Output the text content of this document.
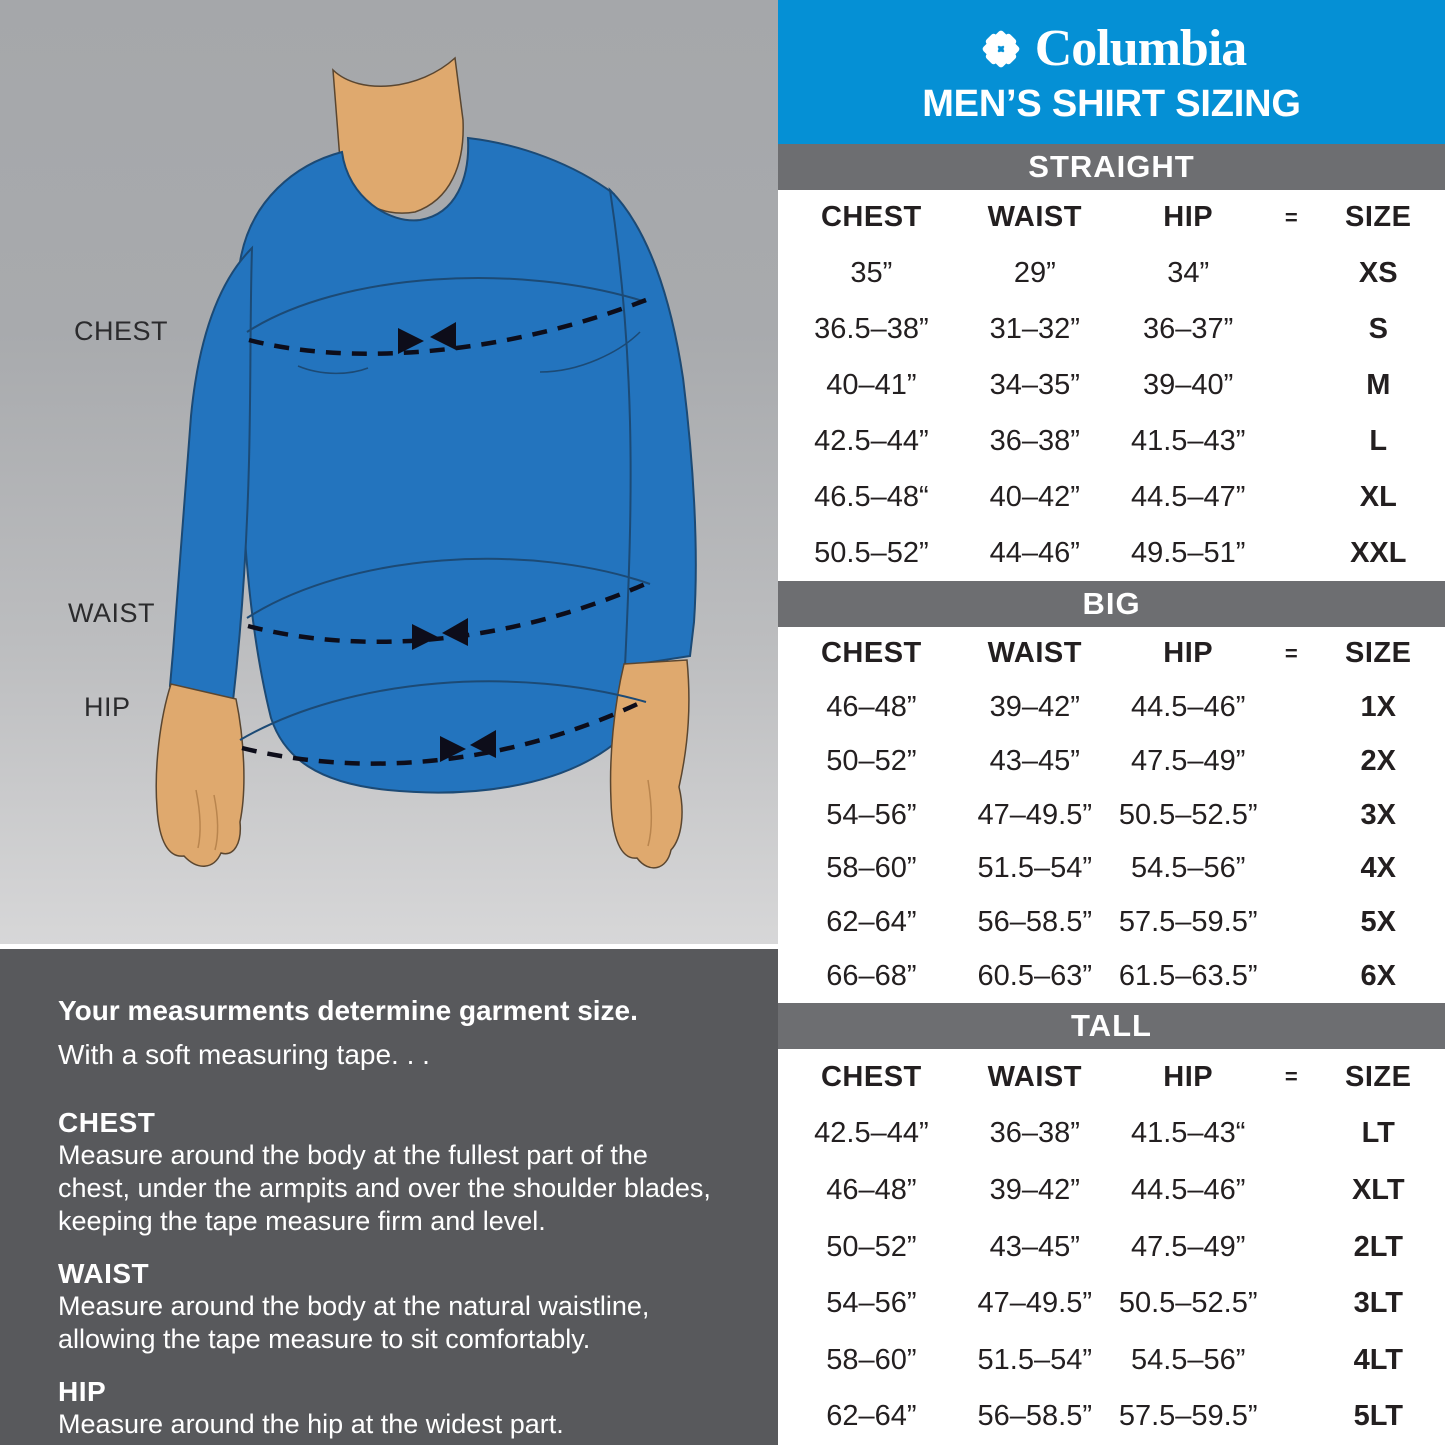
CHEST
WAIST
HIP
Your measurments determine garment size.

With a soft measuring tape. . .

CHEST

Measure around the body at the fullest part of the chest, under the armpits and over the shoulder blades, keeping the tape measure firm and level.

WAIST

Measure around the body at the natural waistline, allowing the tape measure to sit comfortably.

HIP

Measure around the hip at the widest part.

Columbia
MEN’S SHIRT SIZING
STRAIGHT
CHEST	WAIST	HIP	=	SIZE
35”	29”	34”	XS
36.5–38”	31–32”	36–37”	S
40–41”	34–35”	39–40”	M
42.5–44”	36–38”	41.5–43”	L
46.5–48“	40–42”	44.5–47”	XL
50.5–52”	44–46”	49.5–51”	XXL
BIG
CHEST	WAIST	HIP	=	SIZE
46–48”	39–42”	44.5–46”	1X
50–52”	43–45”	47.5–49”	2X
54–56”	47–49.5” 50.5–52.5”	3X
58–60”	51.5–54”	54.5–56”	4X
62–64”	56–58.5” 57.5–59.5”	5X
66–68”	60.5–63” 61.5–63.5”	6X
TALL
CHEST	WAIST	HIP	=	SIZE
42.5–44”	36–38”	41.5–43“	LT
46–48”	39–42”	44.5–46”	XLT
50–52”	43–45”	47.5–49”	2LT
54–56”	47–49.5” 50.5–52.5”	3LT
58–60”	51.5–54”	54.5–56”	4LT
62–64”	56–58.5” 57.5–59.5”	5LT
